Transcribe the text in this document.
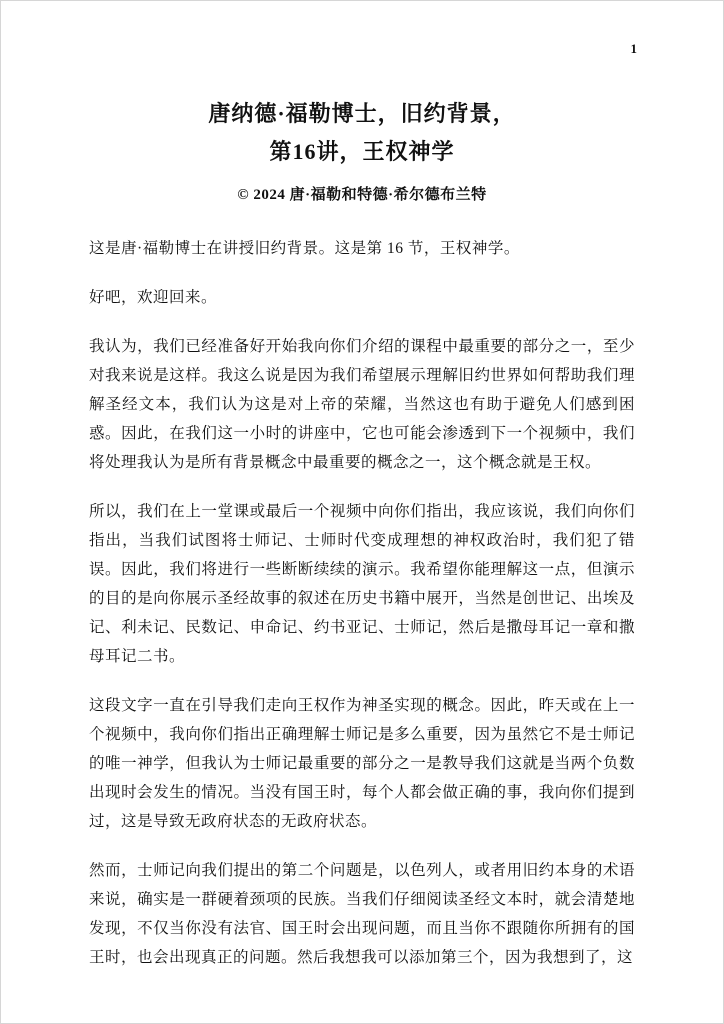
1
唐纳德·福勒博士，旧约背景，
第16讲，王权神学
© 2024 唐·福勒和特德·希尔德布兰特

这是唐·福勒博士在讲授旧约背景。这是第 16 节，王权神学。

好吧，欢迎回来。

我认为，我们已经准备好开始我向你们介绍的课程中最重要的部分之一，至少对我来说是这样。我这么说是因为我们希望展示理解旧约世界如何帮助我们理解圣经文本，我们认为这是对上帝的荣耀，当然这也有助于避免人们感到困惑。因此，在我们这一小时的讲座中，它也可能会渗透到下一个视频中，我们将处理我认为是所有背景概念中最重要的概念之一，这个概念就是王权。

所以，我们在上一堂课或最后一个视频中向你们指出，我应该说，我们向你们指出，当我们试图将士师记、士师时代变成理想的神权政治时，我们犯了错误。因此，我们将进行一些断断续续的演示。我希望你能理解这一点，但演示的目的是向你展示圣经故事的叙述在历史书籍中展开，当然是创世记、出埃及记、利未记、民数记、申命记、约书亚记、士师记，然后是撒母耳记一章和撒母耳记二书。

这段文字一直在引导我们走向王权作为神圣实现的概念。因此，昨天或在上一个视频中，我向你们指出正确理解士师记是多么重要，因为虽然它不是士师记的唯一神学，但我认为士师记最重要的部分之一是教导我们这就是当两个负数出现时会发生的情况。当没有国王时，每个人都会做正确的事，我向你们提到过，这是导致无政府状态的无政府状态。

然而，士师记向我们提出的第二个问题是，以色列人，或者用旧约本身的术语来说，确实是一群硬着颈项的民族。当我们仔细阅读圣经文本时，就会清楚地发现，不仅当你没有法官、国王时会出现问题，而且当你不跟随你所拥有的国王时，也会出现真正的问题。然后我想我可以添加第三个，因为我想到了，这
